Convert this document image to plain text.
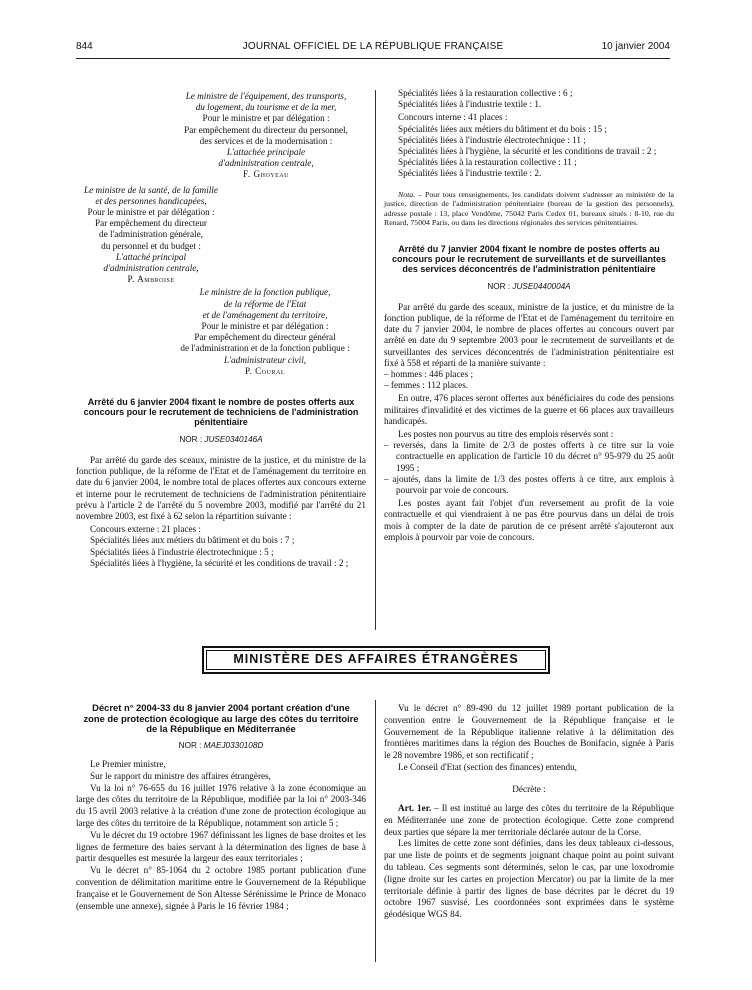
844	JOURNAL OFFICIEL DE LA RÉPUBLIQUE FRANÇAISE	10 janvier 2004
Le ministre de l'équipement, des transports,
du logement, du tourisme et de la mer,
Pour le ministre et par délégation :
Par empêchement du directeur du personnel,
des services et de la modernisation :
L'attachée principale
d'administration centrale,
F. Ghoyeau
Le ministre de la santé, de la famille
et des personnes handicapées,
Pour le ministre et par délégation :
Par empêchement du directeur
de l'administration générale,
du personnel et du budget :
L'attaché principal
d'administration centrale,
P. Ambroise
Le ministre de la fonction publique,
de la réforme de l'Etat
et de l'aménagement du territoire,
Pour le ministre et par délégation :
Par empêchement du directeur général
de l'administration et de la fonction publique :
L'administrateur civil,
P. Coural
Arrêté du 6 janvier 2004 fixant le nombre de postes offerts aux concours pour le recrutement de techniciens de l'administration pénitentiaire
NOR : JUSE0340146A

Par arrêté du garde des sceaux, ministre de la justice, et du ministre de la fonction publique, de la réforme de l'Etat et de l'aménagement du territoire en date du 6 janvier 2004, le nombre total de places offertes aux concours externe et interne pour le recrutement de techniciens de l'administration pénitentiaire prévu à l'article 2 de l'arrêté du 5 novembre 2003, modifié par l'arrêté du 21 novembre 2003, est fixé à 62 selon la répartition suivante :

Concours externe : 21 places :

Spécialités liées aux métiers du bâtiment et du bois : 7 ;

Spécialités liées à l'industrie électrotechnique : 5 ;

Spécialités liées à l'hygiène, la sécurité et les conditions de travail : 2 ;

Spécialités liées à la restauration collective : 6 ;

Spécialités liées à l'industrie textile : 1.

Concours interne : 41 places :

Spécialités liées aux métiers du bâtiment et du bois : 15 ;

Spécialités liées à l'industrie électrotechnique : 11 ;

Spécialités liées à l'hygiène, la sécurité et les conditions de travail : 2 ;

Spécialités liées à la restauration collective : 11 ;

Spécialités liées à l'industrie textile : 2.

Nota. – Pour tous renseignements, les candidats doivent s'adresser au ministère de la justice, direction de l'administration pénitentiaire (bureau de la gestion des personnels), adresse postale : 13, place Vendôme, 75042 Paris Cedex 01, bureaux situés : 8-10, rue du Renard, 75004 Paris, ou dans les directions régionales des services pénitentiaires.

Arrêté du 7 janvier 2004 fixant le nombre de postes offerts au concours pour le recrutement de surveillants et de surveillantes des services déconcentrés de l'administration pénitentiaire
NOR : JUSE0440004A

Par arrêté du garde des sceaux, ministre de la justice, et du ministre de la fonction publique, de la réforme de l'Etat et de l'aménagement du territoire en date du 7 janvier 2004, le nombre de places offertes au concours ouvert par arrêté en date du 9 septembre 2003 pour le recrutement de surveillants et de surveillantes des services déconcentrés de l'administration pénitentiaire est fixé à 558 et réparti de la manière suivante :

– hommes : 446 places ;

– femmes : 112 places.

En outre, 476 places seront offertes aux bénéficiaires du code des pensions militaires d'invalidité et des victimes de la guerre et 66 places aux travailleurs handicapés.

Les postes non pourvus au titre des emplois réservés sont :

– reversés, dans la limite de 2/3 de postes offerts à ce titre sur la voie contractuelle en application de l'article 10 du décret n° 95-979 du 25 août 1995 ;

– ajoutés, dans la limite de 1/3 des postes offerts à ce titre, aux emplois à pourvoir par voie de concours.

Les postes ayant fait l'objet d'un reversement au profit de la voie contractuelle et qui viendraient à ne pas être pourvus dans un délai de trois mois à compter de la date de parution de ce présent arrêté s'ajouteront aux emplois à pourvoir par voie de concours.

MINISTÈRE DES AFFAIRES ÉTRANGÈRES
Décret n° 2004-33 du 8 janvier 2004 portant création d'une zone de protection écologique au large des côtes du territoire de la République en Méditerranée
NOR : MAEJ0330108D

Le Premier ministre,

Sur le rapport du ministre des affaires étrangères,

Vu la loi n° 76-655 du 16 juillet 1976 relative à la zone économique au large des côtes du territoire de la République, modifiée par la loi n° 2003-346 du 15 avril 2003 relative à la création d'une zone de protection écologique au large des côtes du territoire de la République, notamment son article 5 ;

Vu le décret du 19 octobre 1967 définissant les lignes de base droites et les lignes de fermeture des baies servant à la détermination des lignes de base à partir desquelles est mesurée la largeur des eaux territoriales ;

Vu le décret n° 85-1064 du 2 octobre 1985 portant publication d'une convention de délimitation maritime entre le Gouvernement de la République française et le Gouvernement de Son Altesse Sérénissime le Prince de Monaco (ensemble une annexe), signée à Paris le 16 février 1984 ;

Vu le décret n° 89-490 du 12 juillet 1989 portant publication de la convention entre le Gouvernement de la République française et le Gouvernement de la République italienne relative à la délimitation des frontières maritimes dans la région des Bouches de Bonifacio, signée à Paris le 28 novembre 1986, et son rectificatif ;

Le Conseil d'Etat (section des finances) entendu,

Décrète :

Art. 1er. – Il est institué au large des côtes du territoire de la République en Méditerranée une zone de protection écologique. Cette zone comprend deux parties que sépare la mer territoriale déclarée autour de la Corse.

Les limites de cette zone sont définies, dans les deux tableaux ci-dessous, par une liste de points et de segments joignant chaque point au point suivant du tableau. Ces segments sont déterminés, selon le cas, par une loxodromie (ligne droite sur les cartes en projection Mercator) ou par la limite de la mer territoriale définie à partir des lignes de base décrites par le décret du 19 octobre 1967 susvisé. Les coordonnées sont exprimées dans le système géodésique WGS 84.
